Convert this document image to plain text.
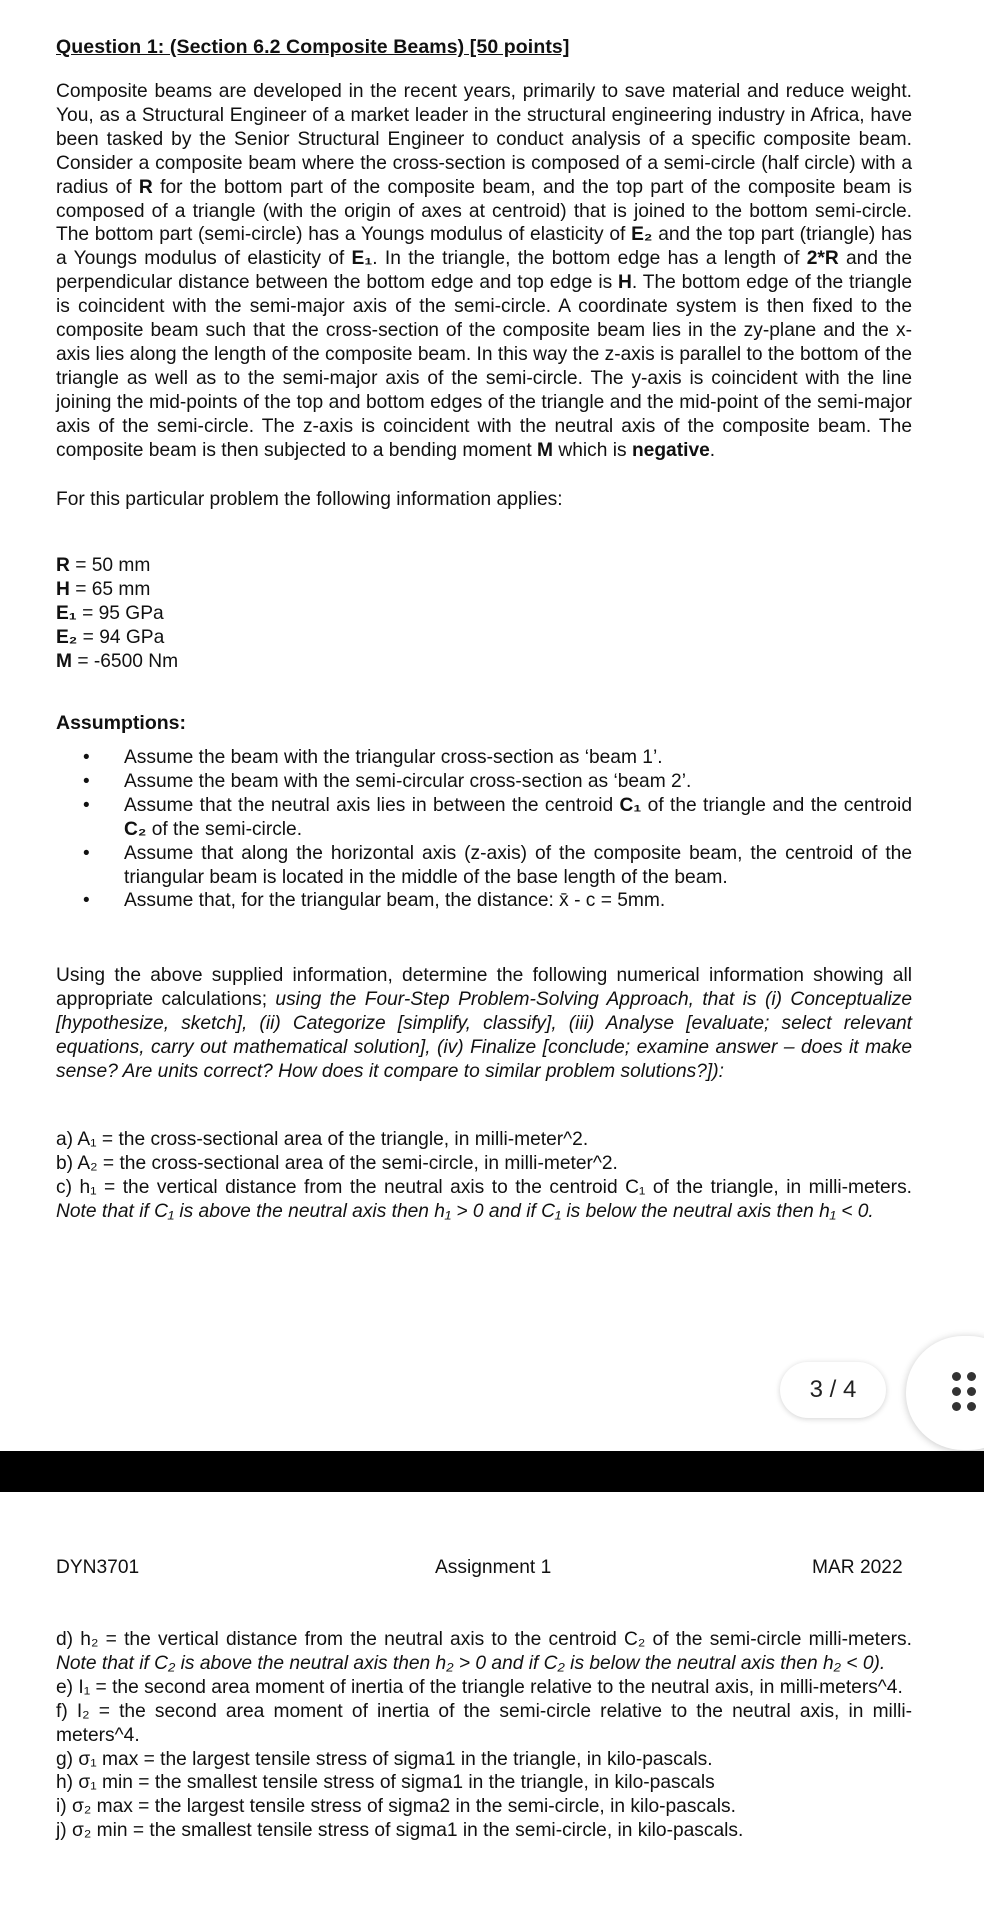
Question 1: (Section 6.2 Composite Beams) [50 points]
Composite beams are developed in the recent years, primarily to save material and reduce weight. You, as a Structural Engineer of a market leader in the structural engineering industry in Africa, have been tasked by the Senior Structural Engineer to conduct analysis of a specific composite beam. Consider a composite beam where the cross-section is composed of a semi-circle (half circle) with a radius of R for the bottom part of the composite beam, and the top part of the composite beam is composed of a triangle (with the origin of axes at centroid) that is joined to the bottom semi-circle. The bottom part (semi-circle) has a Youngs modulus of elasticity of E₂ and the top part (triangle) has a Youngs modulus of elasticity of E₁. In the triangle, the bottom edge has a length of 2*R and the perpendicular distance between the bottom edge and top edge is H. The bottom edge of the triangle is coincident with the semi-major axis of the semi-circle. A coordinate system is then fixed to the composite beam such that the cross-section of the composite beam lies in the zy-plane and the x-axis lies along the length of the composite beam. In this way the z-axis is parallel to the bottom of the triangle as well as to the semi-major axis of the semi-circle. The y-axis is coincident with the line joining the mid-points of the top and bottom edges of the triangle and the mid-point of the semi-major axis of the semi-circle. The z-axis is coincident with the neutral axis of the composite beam. The composite beam is then subjected to a bending moment M which is negative.
For this particular problem the following information applies:
R = 50 mm
H = 65 mm
E₁ = 95 GPa
E₂ = 94 GPa
M = -6500 Nm
Assumptions:
• Assume the beam with the triangular cross-section as ‘beam 1’.
• Assume the beam with the semi-circular cross-section as ‘beam 2’.
• Assume that the neutral axis lies in between the centroid C₁ of the triangle and the centroid C₂ of the semi-circle.
• Assume that along the horizontal axis (z-axis) of the composite beam, the centroid of the triangular beam is located in the middle of the base length of the beam.
• Assume that, for the triangular beam, the distance: x̄ - c = 5mm.
Using the above supplied information, determine the following numerical information showing all appropriate calculations; using the Four-Step Problem-Solving Approach, that is (i) Conceptualize [hypothesize, sketch], (ii) Categorize [simplify, classify], (iii) Analyse [evaluate; select relevant equations, carry out mathematical solution], (iv) Finalize [conclude; examine answer – does it make sense? Are units correct? How does it compare to similar problem solutions?]):
a) A₁ = the cross-sectional area of the triangle, in milli-meter^2.
b) A₂ = the cross-sectional area of the semi-circle, in milli-meter^2.
c) h₁ = the vertical distance from the neutral axis to the centroid C₁ of the triangle, in milli-meters. Note that if C₁ is above the neutral axis then h₁ > 0 and if C₁ is below the neutral axis then h₁ < 0.
3 / 4
DYN3701	Assignment 1	MAR 2022
d) h₂ = the vertical distance from the neutral axis to the centroid C₂ of the semi-circle milli-meters. Note that if C₂ is above the neutral axis then h₂ > 0 and if C₂ is below the neutral axis then h₂ < 0).
e) I₁ = the second area moment of inertia of the triangle relative to the neutral axis, in milli-meters^4.
f) I₂ = the second area moment of inertia of the semi-circle relative to the neutral axis, in milli-meters^4.
g) σ₁ max = the largest tensile stress of sigma1 in the triangle, in kilo-pascals.
h) σ₁ min = the smallest tensile stress of sigma1 in the triangle, in kilo-pascals
i) σ₂ max = the largest tensile stress of sigma2 in the semi-circle, in kilo-pascals.
j) σ₂ min = the smallest tensile stress of sigma1 in the semi-circle, in kilo-pascals.
